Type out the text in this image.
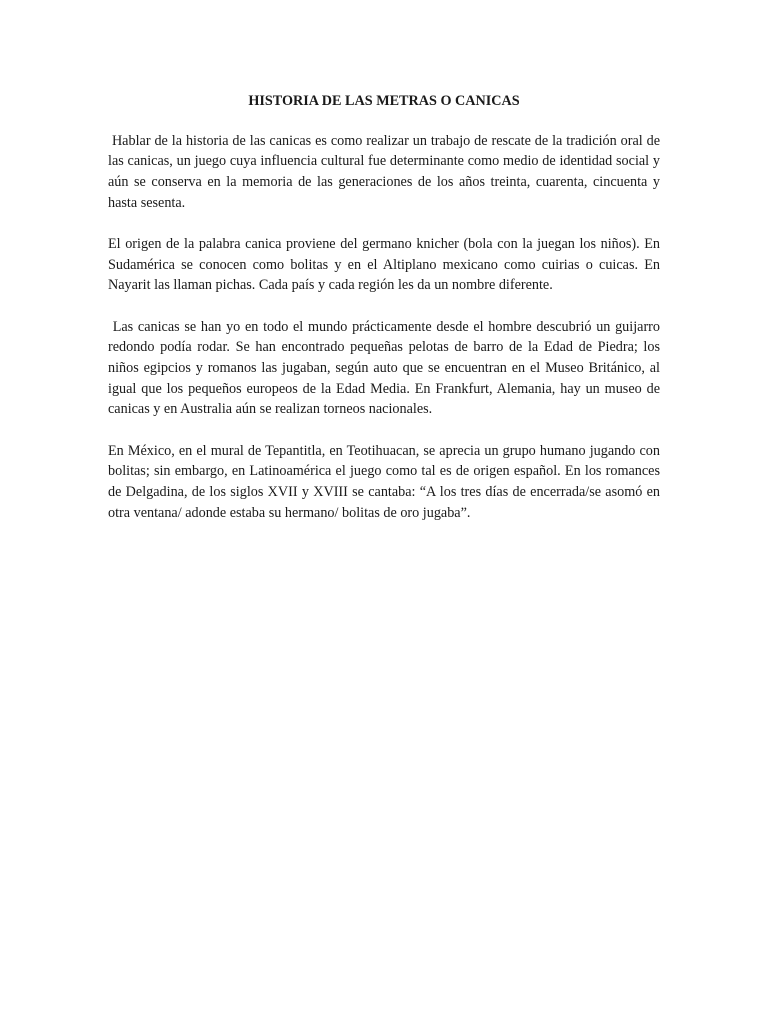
HISTORIA DE LAS METRAS O CANICAS

Hablar de la historia de las canicas es como realizar un trabajo de rescate de la tradición oral de las canicas, un juego cuya influencia cultural fue determinante como medio de identidad social y aún se conserva en la memoria de las generaciones de los años treinta, cuarenta, cincuenta y hasta sesenta.

El origen de la palabra canica proviene del germano knicher (bola con la juegan los niños). En Sudamérica se conocen como bolitas y en el Altiplano mexicano como cuirias o cuicas. En Nayarit las llaman pichas. Cada país y cada región les da un nombre diferente.

Las canicas se han yo en todo el mundo prácticamente desde el hombre descubrió un guijarro redondo podía rodar. Se han encontrado pequeñas pelotas de barro de la Edad de Piedra; los niños egipcios y romanos las jugaban, según auto que se encuentran en el Museo Británico, al igual que los pequeños europeos de la Edad Media. En Frankfurt, Alemania, hay un museo de canicas y en Australia aún se realizan torneos nacionales.

En México, en el mural de Tepantitla, en Teotihuacan, se aprecia un grupo humano jugando con bolitas; sin embargo, en Latinoamérica el juego como tal es de origen español. En los romances de Delgadina, de los siglos XVII y XVIII se cantaba: “A los tres días de encerrada/se asomó en otra ventana/ adonde estaba su hermano/ bolitas de oro jugaba”.
